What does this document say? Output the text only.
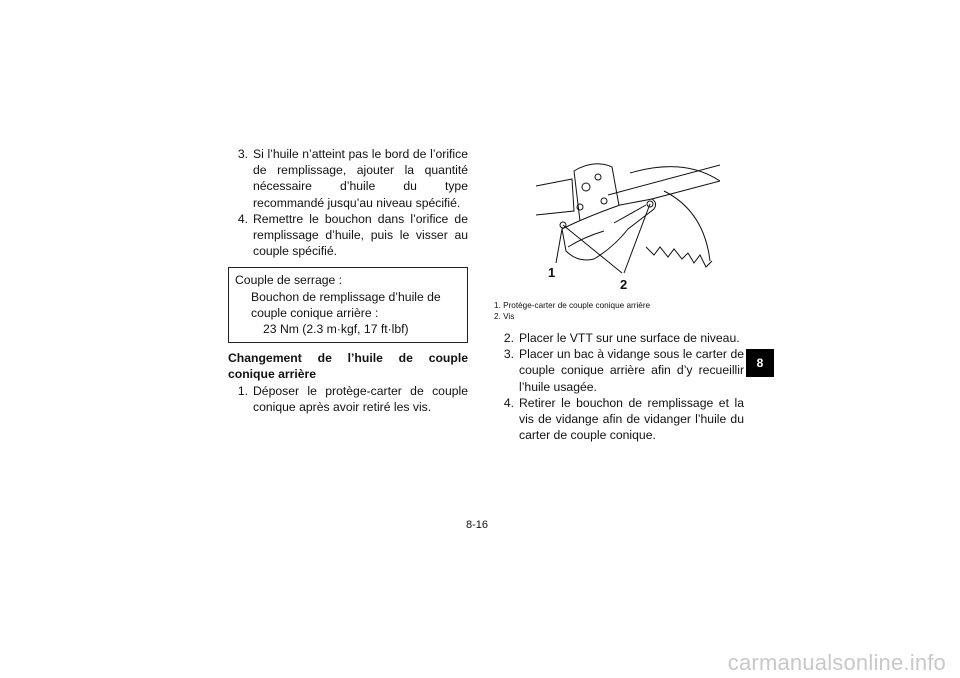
3. Si l’huile n’atteint pas le bord de l’orifice de remplissage, ajouter la quantité nécessaire d’huile du type recommandé jusqu’au niveau spécifié.
4. Remettre le bouchon dans l’orifice de remplissage d’huile, puis le visser au couple spécifié.
Couple de serrage :
Bouchon de remplissage d’huile de couple conique arrière :
23 Nm (2.3 m·kgf, 17 ft·lbf)
Changement de l’huile de couple conique arrière
1. Déposer le protège-carter de couple conique après avoir retiré les vis.
1
2
1. Protège-carter de couple conique arrière
2. Vis
2. Placer le VTT sur une surface de niveau.
3. Placer un bac à vidange sous le carter de couple conique arrière afin d’y recueillir l’huile usagée.
4. Retirer le bouchon de remplissage et la vis de vidange afin de vidanger l’huile du carter de couple conique.
8
8-16
carmanualsonline.info
